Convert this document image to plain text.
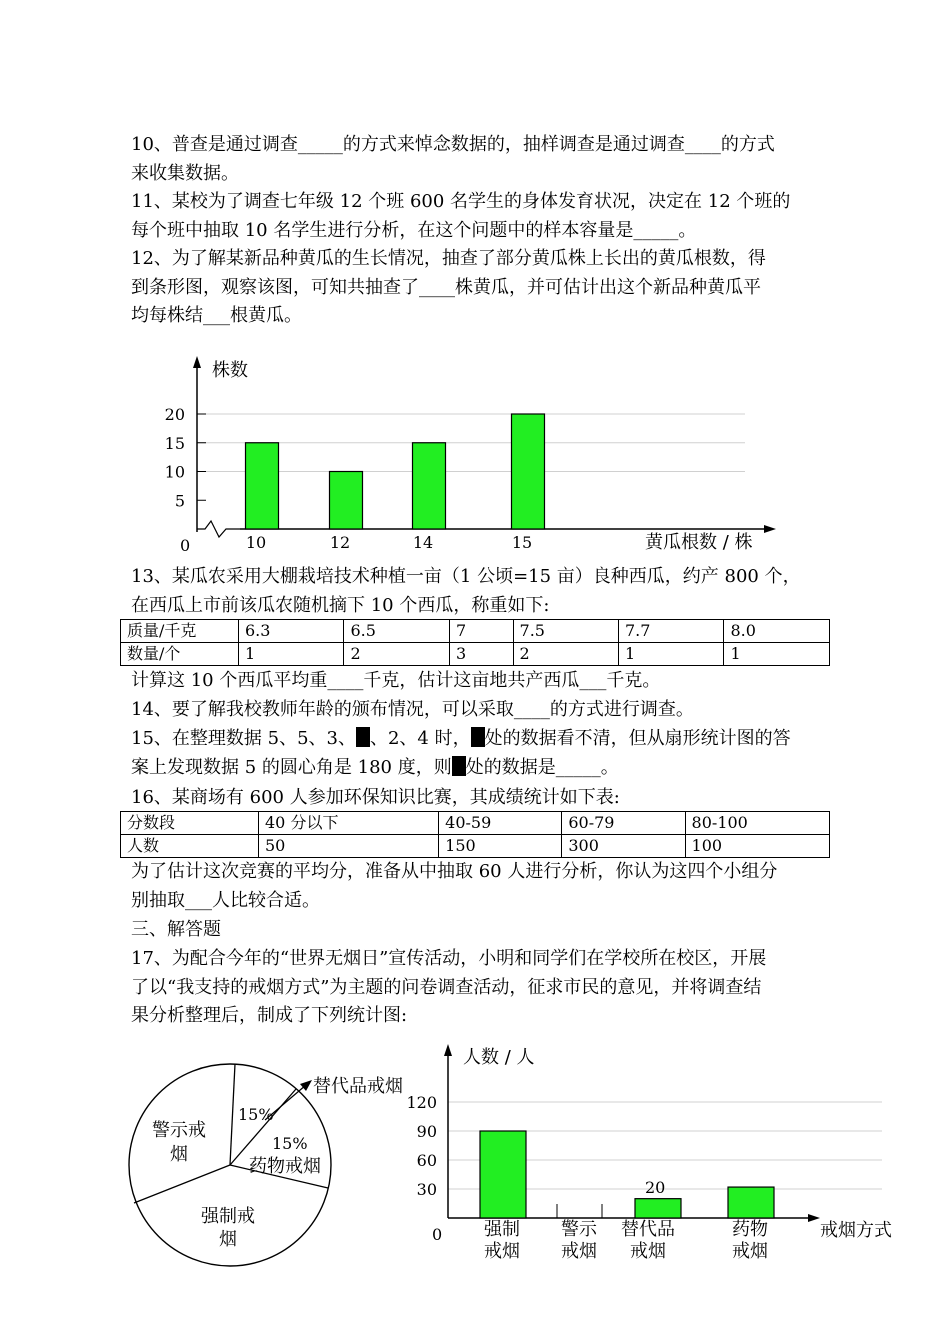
10、普查是通过调查_____的方式来悼念数据的，抽样调查是通过调查____的方式
来收集数据。
11、某校为了调查七年级 12 个班 600 名学生的身体发育状况，决定在 12 个班的
每个班中抽取 10 名学生进行分析，在这个问题中的样本容量是_____。
12、为了解某新品种黄瓜的生长情况，抽查了部分黄瓜株上长出的黄瓜根数，得
到条形图，观察该图，可知共抽查了____株黄瓜，并可估计出这个新品种黄瓜平
均每株结___根黄瓜。
株数
黄瓜根数 / 株
0
20
15
10
5
10	12	14	15
13、某瓜农采用大棚栽培技术种植一亩（1 公顷=15 亩）良种西瓜，约产 800 个，
在西瓜上市前该瓜农随机摘下 10 个西瓜，称重如下:
质量/千克	6.3	6.5	7	7.5	7.7	8.0
数量/个	1	2	3	2	1	1
计算这 10 个西瓜平均重____千克，估计这亩地共产西瓜___千克。
14、要了解我校教师年龄的颁布情况，可以采取____的方式进行调查。
15、在整理数据 5、5、3、 、2、4 时， 处的数据看不清，但从扇形统计图的答
案上发现数据 5 的圆心角是 180 度，则 处的数据是_____。
16、某商场有 600 人参加环保知识比赛，其成绩统计如下表:
分数段	40 分以下	40-59	60-79	80-100
人数	50	150	300	100
为了估计这次竞赛的平均分，准备从中抽取 60 人进行分析，你认为这四个小组分
别抽取___人比较合适。
三、解答题
17、为配合今年的“世界无烟日”宣传活动，小明和同学们在学校所在校区，开展
了以“我支持的戒烟方式”为主题的问卷调查活动，征求市民的意见，并将调查结
果分析整理后，制成了下列统计图:
警示戒
烟
15%
替代品戒烟
15%
药物戒烟
强制戒
烟
人数 / 人
戒烟方式
0
120
90
60
30	20
强制
戒烟
警示
戒烟
替代品
戒烟
药物
戒烟
